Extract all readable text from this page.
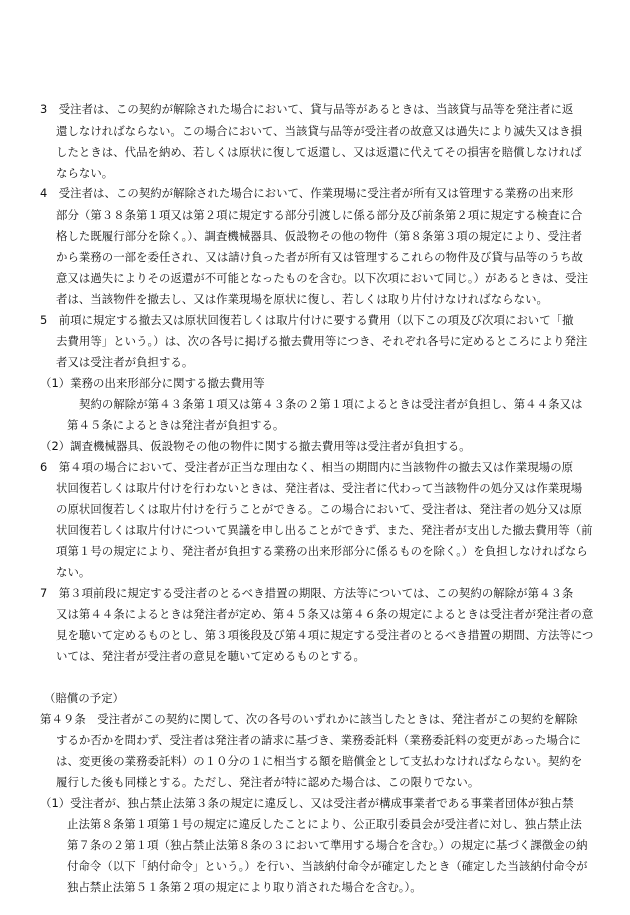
3　受注者は、この契約が解除された場合において、貸与品等があるときは、当該貸与品等を発注者に返
還しなければならない。この場合において、当該貸与品等が受注者の故意又は過失により滅失又はき損
したときは、代品を納め、若しくは原状に復して返還し、又は返還に代えてその損害を賠償しなければ
ならない。
4　受注者は、この契約が解除された場合において、作業現場に受注者が所有又は管理する業務の出来形
部分（第３８条第１項又は第２項に規定する部分引渡しに係る部分及び前条第２項に規定する検査に合
格した既履行部分を除く。）、調査機械器具、仮設物その他の物件（第８条第３項の規定により、受注者
から業務の一部を委任され、又は請け負った者が所有又は管理するこれらの物件及び貸与品等のうち故
意又は過失によりその返還が不可能となったものを含む。以下次項において同じ。）があるときは、受注
者は、当該物件を撤去し、又は作業現場を原状に復し、若しくは取り片付けなければならない。
5　前項に規定する撤去又は原状回復若しくは取片付けに要する費用（以下この項及び次項において「撤
去費用等」という。）は、次の各号に掲げる撤去費用等につき、それぞれ各号に定めるところにより発注
者又は受注者が負担する。
（1）業務の出来形部分に関する撤去費用等
契約の解除が第４３条第１項又は第４３条の２第１項によるときは受注者が負担し、第４４条又は
第４５条によるときは発注者が負担する。
（2）調査機械器具、仮設物その他の物件に関する撤去費用等は受注者が負担する。
6　第４項の場合において、受注者が正当な理由なく、相当の期間内に当該物件の撤去又は作業現場の原
状回復若しくは取片付けを行わないときは、発注者は、受注者に代わって当該物件の処分又は作業現場
の原状回復若しくは取片付けを行うことができる。この場合において、受注者は、発注者の処分又は原
状回復若しくは取片付けについて異議を申し出ることができず、また、発注者が支出した撤去費用等（前
項第１号の規定により、発注者が負担する業務の出来形部分に係るものを除く。）を負担しなければなら
ない。
7　第３項前段に規定する受注者のとるべき措置の期限、方法等については、この契約の解除が第４３条
又は第４４条によるときは発注者が定め、第４５条又は第４６条の規定によるときは受注者が発注者の意
見を聴いて定めるものとし、第３項後段及び第４項に規定する受注者のとるべき措置の期間、方法等につ
いては、発注者が受注者の意見を聴いて定めるものとする。
（賠償の予定）
第４９条　受注者がこの契約に関して、次の各号のいずれかに該当したときは、発注者がこの契約を解除
するか否かを問わず、受注者は発注者の請求に基づき、業務委託料（業務委託料の変更があった場合に
は、変更後の業務委託料）の１０分の１に相当する額を賠償金として支払わなければならない。契約を
履行した後も同様とする。ただし、発注者が特に認めた場合は、この限りでない。
（1）受注者が、独占禁止法第３条の規定に違反し、又は受注者が構成事業者である事業者団体が独占禁
止法第８条第１項第１号の規定に違反したことにより、公正取引委員会が受注者に対し、独占禁止法
第７条の２第１項（独占禁止法第８条の３において準用する場合を含む。）の規定に基づく課徴金の納
付命令（以下「納付命令」という。）を行い、当該納付命令が確定したとき（確定した当該納付命令が
独占禁止法第５１条第２項の規定により取り消された場合を含む。）。
